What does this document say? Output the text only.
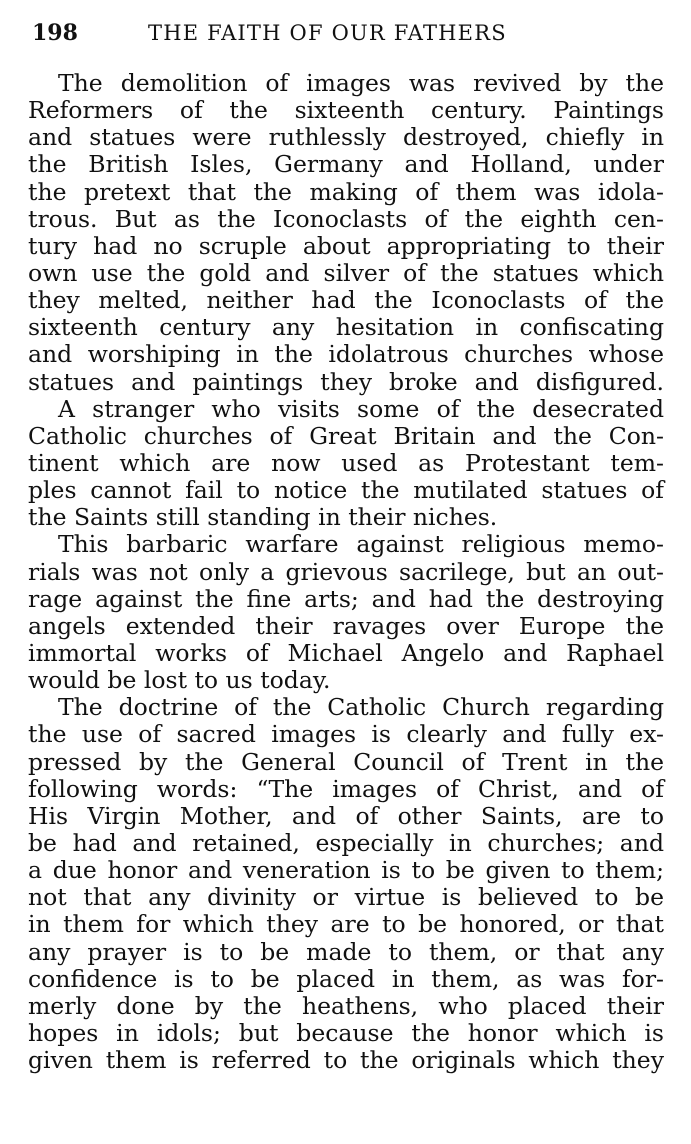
198	THE FAITH OF OUR FATHERS
The demolition of images was revived by the
Reformers of the sixteenth century. Paintings
and statues were ruthlessly destroyed, chiefly in
the British Isles, Germany and Holland, under
the pretext that the making of them was idola-
trous. But as the Iconoclasts of the eighth cen-
tury had no scruple about appropriating to their
own use the gold and silver of the statues which
they melted, neither had the Iconoclasts of the
sixteenth century any hesitation in confiscating
and worshiping in the idolatrous churches whose
statues and paintings they broke and disfigured.
A stranger who visits some of the desecrated
Catholic churches of Great Britain and the Con-
tinent which are now used as Protestant tem-
ples cannot fail to notice the mutilated statues of
the Saints still standing in their niches.
This barbaric warfare against religious memo-
rials was not only a grievous sacrilege, but an out-
rage against the fine arts; and had the destroying
angels extended their ravages over Europe the
immortal works of Michael Angelo and Raphael
would be lost to us today.
The doctrine of the Catholic Church regarding
the use of sacred images is clearly and fully ex-
pressed by the General Council of Trent in the
following words: “The images of Christ, and of
His Virgin Mother, and of other Saints, are to
be had and retained, especially in churches; and
a due honor and veneration is to be given to them;
not that any divinity or virtue is believed to be
in them for which they are to be honored, or that
any prayer is to be made to them, or that any
confidence is to be placed in them, as was for-
merly done by the heathens, who placed their
hopes in idols; but because the honor which is
given them is referred to the originals which they
